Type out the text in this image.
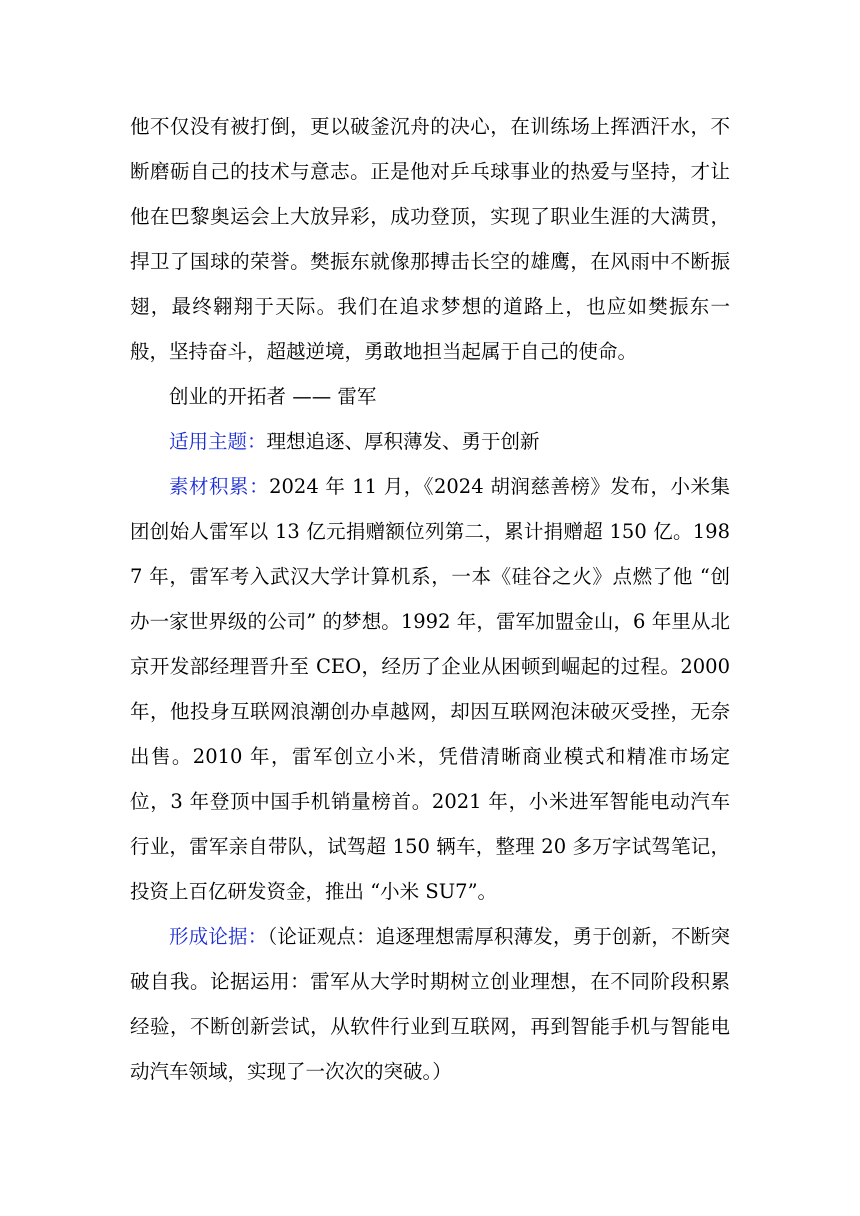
他不仅没有被打倒，更以破釜沉舟的决心，在训练场上挥洒汗水，不断磨砺自己的技术与意志。正是他对乒乓球事业的热爱与坚持，才让他在巴黎奥运会上大放异彩，成功登顶，实现了职业生涯的大满贯，捍卫了国球的荣誉。樊振东就像那搏击长空的雄鹰，在风雨中不断振翅，最终翱翔于天际。我们在追求梦想的道路上，也应如樊振东一般，坚持奋斗，超越逆境，勇敢地担当起属于自己的使命。

创业的开拓者 —— 雷军

适用主题：理想追逐、厚积薄发、勇于创新

素材积累：2024 年 11 月，《2024 胡润慈善榜》发布，小米集团创始人雷军以 13 亿元捐赠额位列第二，累计捐赠超 150 亿。1987 年，雷军考入武汉大学计算机系，一本《硅谷之火》点燃了他 “创办一家世界级的公司” 的梦想。1992 年，雷军加盟金山，6 年里从北京开发部经理晋升至 CEO，经历了企业从困顿到崛起的过程。2000 年，他投身互联网浪潮创办卓越网，却因互联网泡沫破灭受挫，无奈出售。2010 年，雷军创立小米，凭借清晰商业模式和精准市场定位，3 年登顶中国手机销量榜首。2021 年，小米进军智能电动汽车行业，雷军亲自带队，试驾超 150 辆车，整理 20 多万字试驾笔记，投资上百亿研发资金，推出 “小米 SU7”。

形成论据：（论证观点：追逐理想需厚积薄发，勇于创新，不断突破自我。论据运用：雷军从大学时期树立创业理想，在不同阶段积累经验，不断创新尝试，从软件行业到互联网，再到智能手机与智能电动汽车领域，实现了一次次的突破。）
